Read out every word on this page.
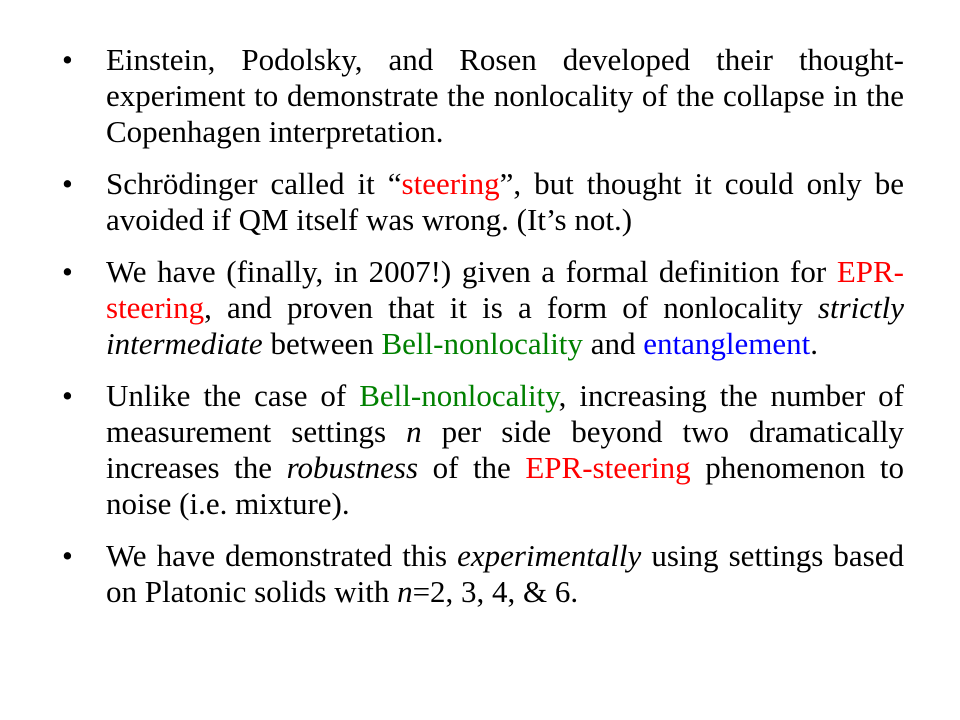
• Einstein, Podolsky, and Rosen developed their thought-experiment to demonstrate the nonlocality of the collapse in the Copenhagen interpretation.
• Schrödinger called it “steering”, but thought it could only be avoided if QM itself was wrong. (It’s not.)
• We have (finally, in 2007!) given a formal definition for EPR-steering, and proven that it is a form of nonlocality strictly intermediate between Bell-nonlocality and entanglement.
• Unlike the case of Bell-nonlocality, increasing the number of measurement settings n per side beyond two dramatically increases the robustness of the EPR-steering phenomenon to noise (i.e. mixture).
• We have demonstrated this experimentally using settings based on Platonic solids with n=2, 3, 4, & 6.
